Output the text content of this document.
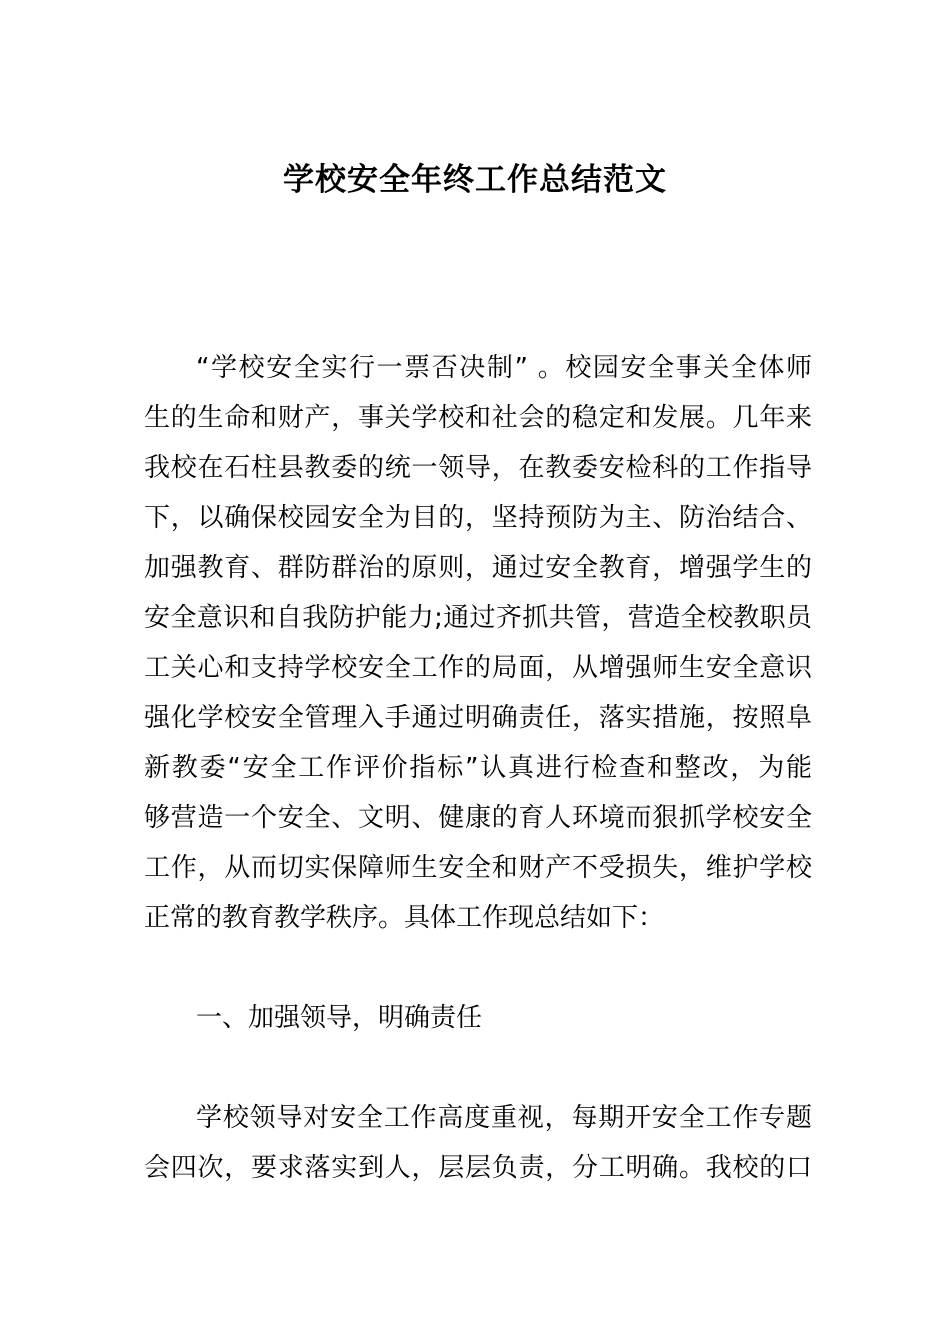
学校安全年终工作总结范文
“学校安全实行一票否决制” 。校园安全事关全体师
生的生命和财产，事关学校和社会的稳定和发展。几年来
我校在石柱县教委的统一领导，在教委安检科的工作指导
下，以确保校园安全为目的，坚持预防为主、防治结合、
加强教育、群防群治的原则，通过安全教育，增强学生的
安全意识和自我防护能力;通过齐抓共管，营造全校教职员
工关心和支持学校安全工作的局面，从增强师生安全意识
强化学校安全管理入手通过明确责任，落实措施，按照阜
新教委“安全工作评价指标”认真进行检查和整改，为能
够营造一个安全、文明、健康的育人环境而狠抓学校安全
工作，从而切实保障师生安全和财产不受损失，维护学校
正常的教育教学秩序。具体工作现总结如下：
一、加强领导，明确责任
学校领导对安全工作高度重视，每期开安全工作专题
会四次，要求落实到人，层层负责，分工明确。我校的口
